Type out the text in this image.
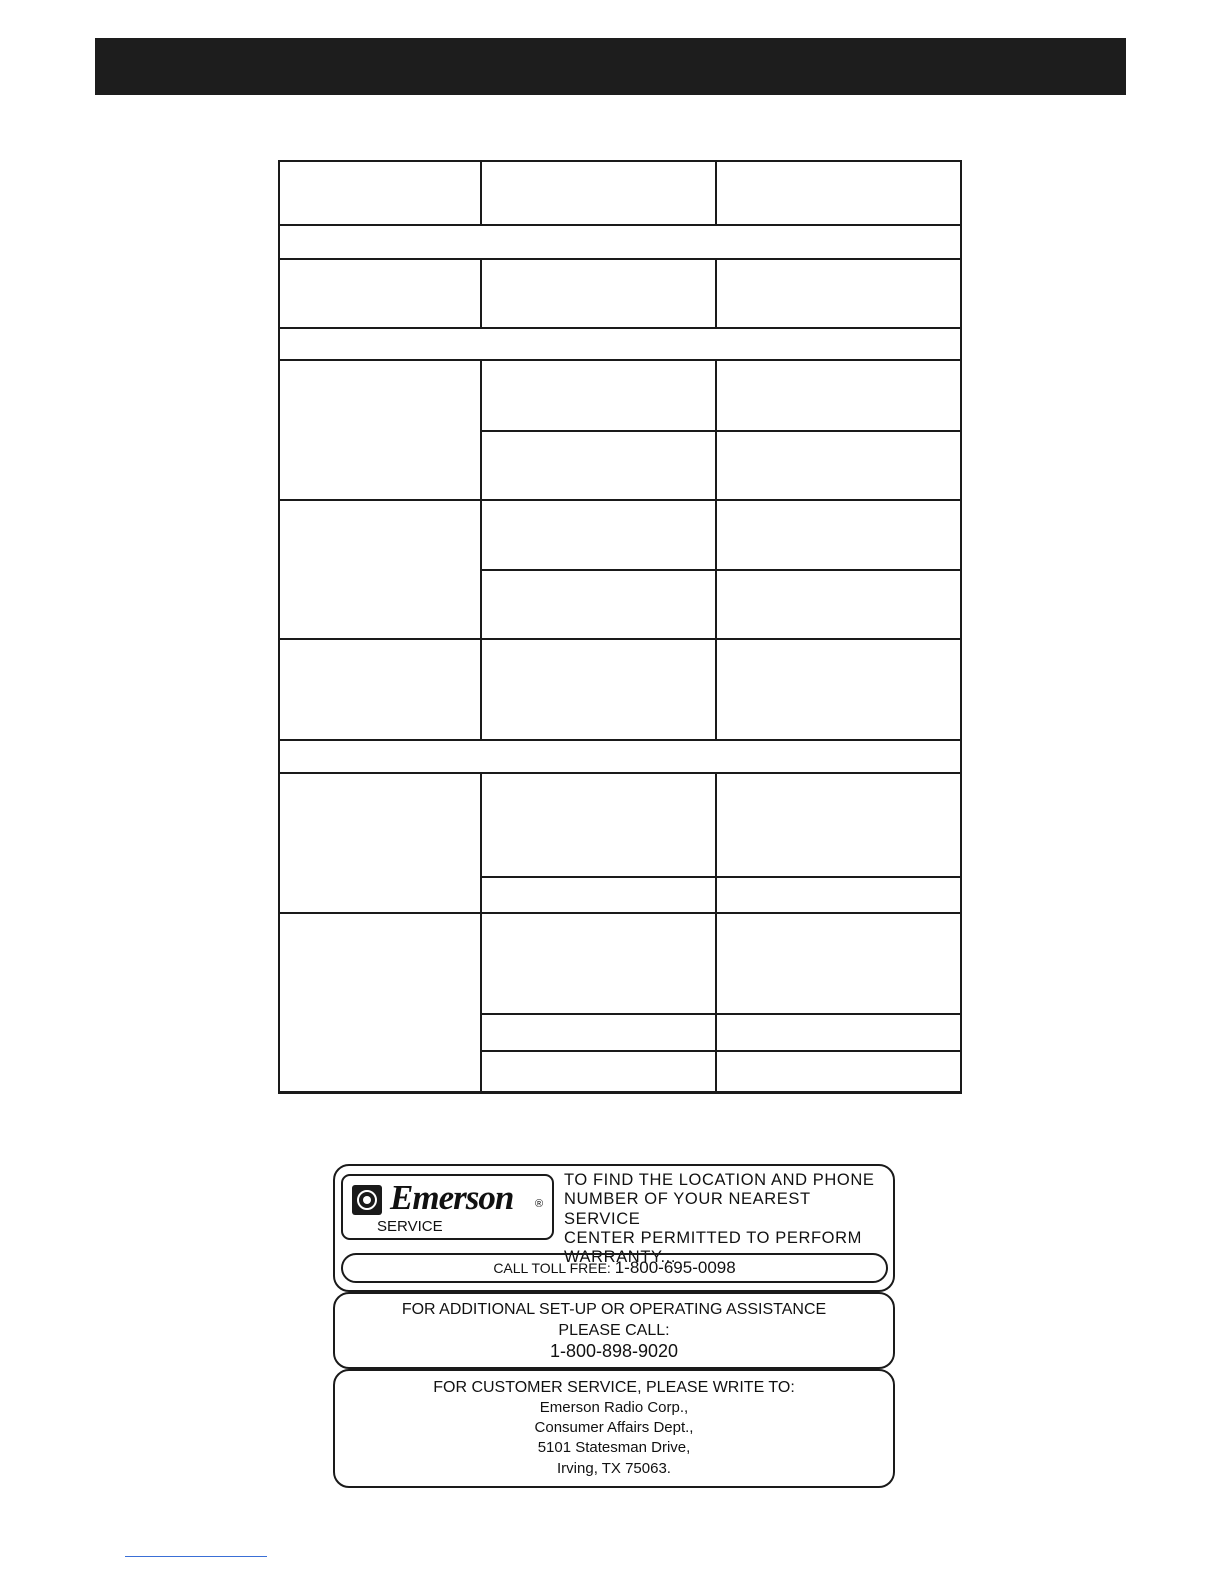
Emerson ®
SERVICE
TO FIND THE LOCATION AND PHONE
NUMBER OF YOUR NEAREST SERVICE
CENTER PERMITTED TO PERFORM
WARRANTY...
CALL TOLL FREE: 1-800-695-0098
FOR ADDITIONAL SET-UP OR OPERATING ASSISTANCE
PLEASE CALL:
1-800-898-9020
FOR CUSTOMER SERVICE, PLEASE WRITE TO:
Emerson Radio Corp.,
Consumer Affairs Dept.,
5101 Statesman Drive,
Irving, TX 75063.
